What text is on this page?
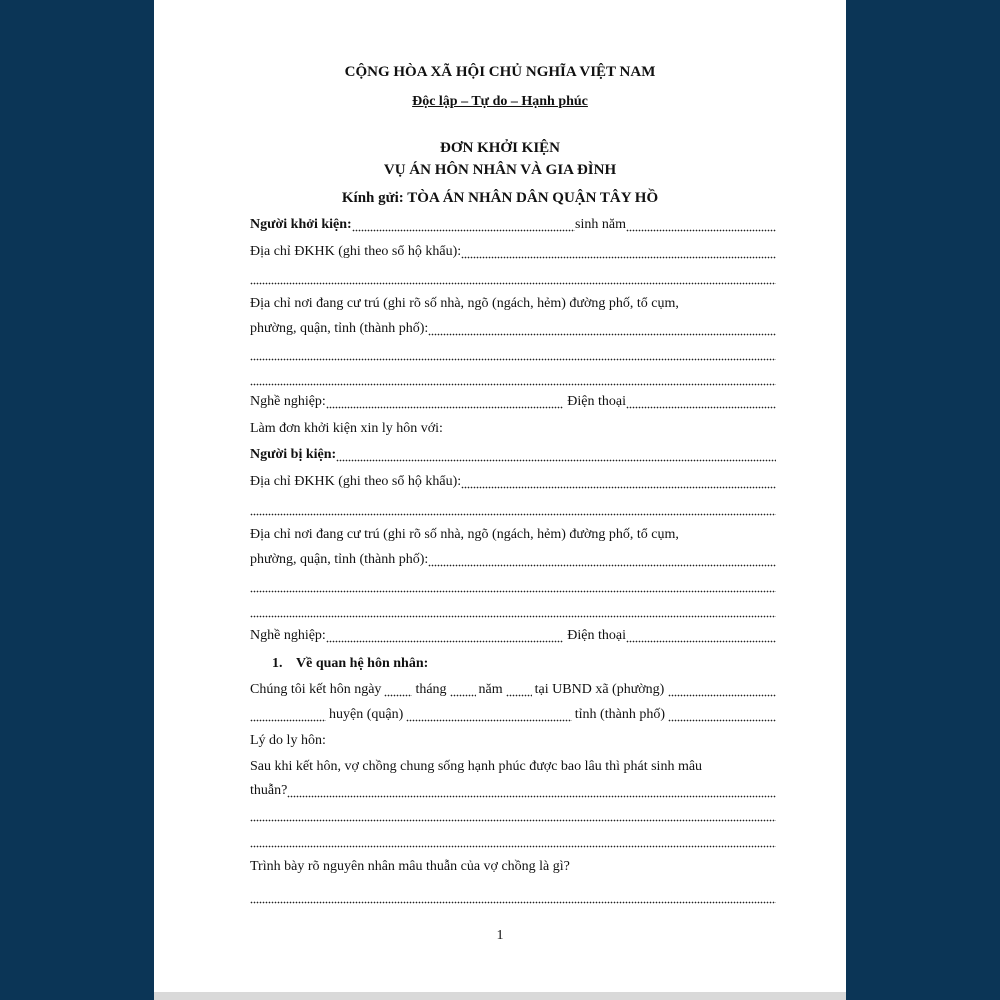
CỘNG HÒA XÃ HỘI CHỦ NGHĨA VIỆT NAM
Độc lập – Tự do – Hạnh phúc
ĐƠN KHỞI KIỆN
VỤ ÁN HÔN NHÂN VÀ GIA ĐÌNH
Kính gửi: TÒA ÁN NHÂN DÂN QUẬN TÂY HỒ
Người khởi kiện:	sinh năm
Địa chỉ ĐKHK (ghi theo sổ hộ khẩu):
Địa chỉ nơi đang cư trú (ghi rõ số nhà, ngõ (ngách, hẻm) đường phố, tổ cụm,
phường, quận, tỉnh (thành phố):
Nghề nghiệp:	Điện thoại
Làm đơn khởi kiện xin ly hôn với:
Người bị kiện:
Địa chỉ ĐKHK (ghi theo sổ hộ khẩu):
Địa chỉ nơi đang cư trú (ghi rõ số nhà, ngõ (ngách, hẻm) đường phố, tổ cụm,
phường, quận, tỉnh (thành phố):
Nghề nghiệp:	Điện thoại
1. Về quan hệ hôn nhân:
Chúng tôi kết hôn ngày tháng năm tại UBND xã (phường)
huyện (quận)	tỉnh (thành phố)
Lý do ly hôn:
Sau khi kết hôn, vợ chồng chung sống hạnh phúc được bao lâu thì phát sinh mâu
thuẫn?
Trình bày rõ nguyên nhân mâu thuẫn của vợ chồng là gì?
1
